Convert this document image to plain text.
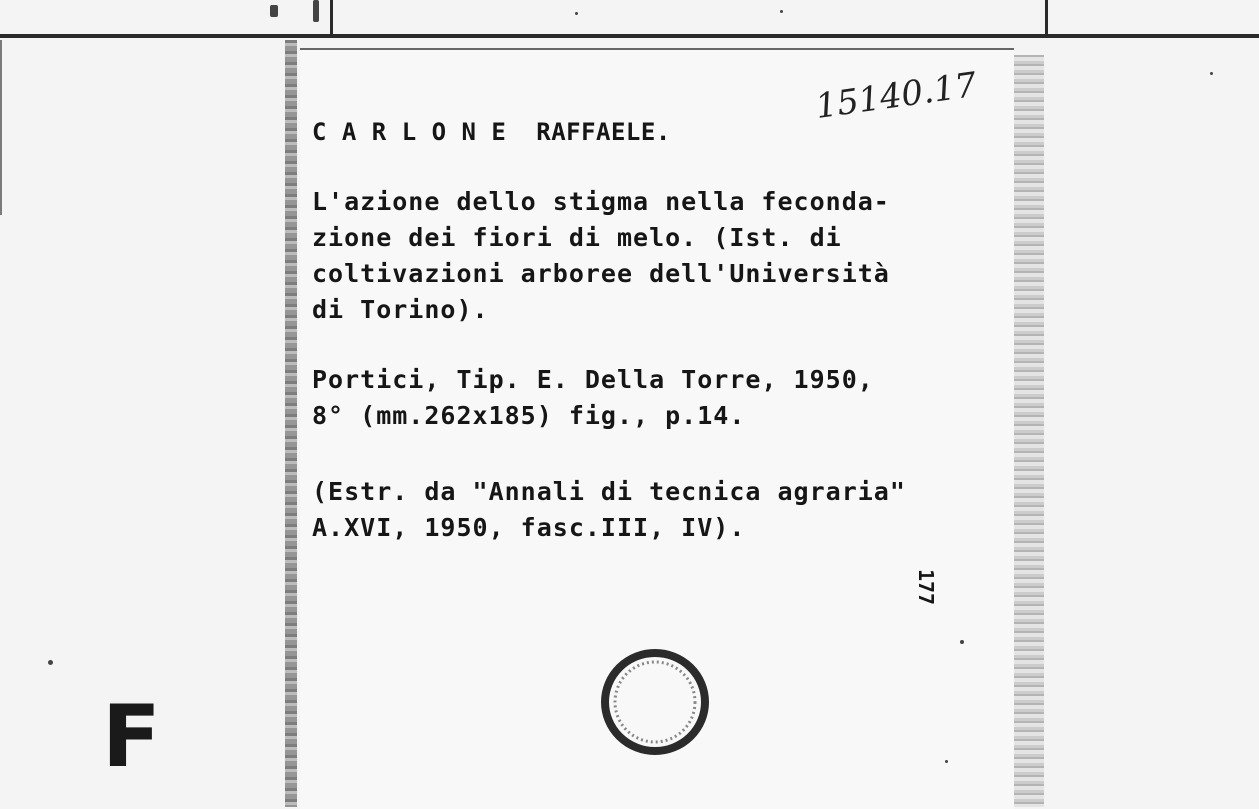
15140.17
C A R L O N E  RAFFAELE.
L'azione dello stigma nella feconda-
zione dei fiori di melo. (Ist. di
coltivazioni arboree dell'Università
di Torino).
Portici, Tip. E. Della Torre, 1950,
8° (mm.262x185) fig., p.14.
(Estr. da "Annali di tecnica agraria"
A.XVI, 1950, fasc.III, IV).
177
F
